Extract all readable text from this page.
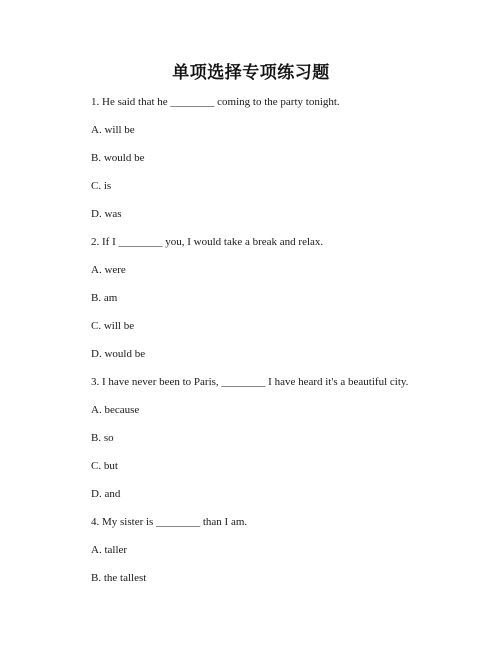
单项选择专项练习题
1. He said that he ________ coming to the party tonight.
A. will be
B. would be
C. is
D. was
2. If I ________ you, I would take a break and relax.
A. were
B. am
C. will be
D. would be
3. I have never been to Paris, ________ I have heard it's a beautiful city.
A. because
B. so
C. but
D. and
4. My sister is ________ than I am.
A. taller
B. the tallest
